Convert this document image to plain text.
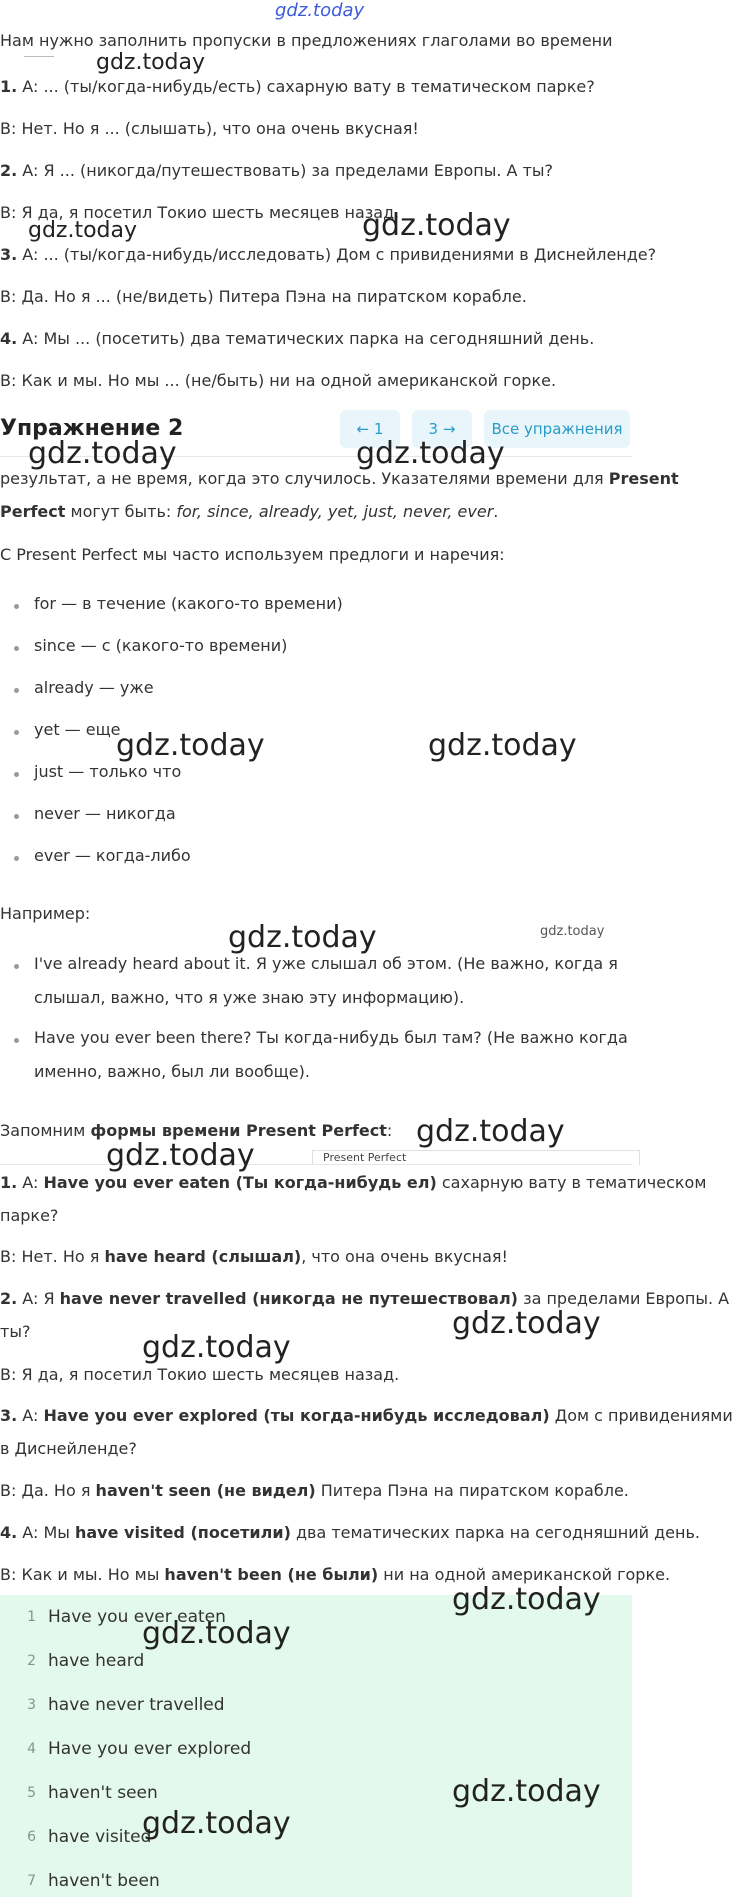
gdz.today
Нам нужно заполнить пропуски в предложениях глаголами во времени
1. A: ... (ты/когда-нибудь/есть) сахарную вату в тематическом парке?
B: Нет. Но я ... (слышать), что она очень вкусная!
2. A: Я ... (никогда/путешествовать) за пределами Европы. А ты?
B: Я да, я посетил Токио шесть месяцев назад.
3. A: ... (ты/когда-нибудь/исследовать) Дом с привидениями в Диснейленде?
B: Да. Но я ... (не/видеть) Питера Пэна на пиратском корабле.
4. A: Мы ... (посетить) два тематических парка на сегодняшний день.
B: Как и мы. Но мы ... (не/быть) ни на одной американской горке.
Упражнение 2	← 1	3 →	Все упражнения
результат, а не время, когда это случилось. Указателями времени для Present
Perfect могут быть: for, since, already, yet, just, never, ever.
С Present Perfect мы часто используем предлоги и наречия:
for — в течение (какого-то времени)
since — с (какого-то времени)
already — уже
yet — еще
just — только что
never — никогда
ever — когда-либо
Например:
I've already heard about it. Я уже слышал об этом. (Не важно, когда я
слышал, важно, что я уже знаю эту информацию).
Have you ever been there? Ты когда-нибудь был там? (Не важно когда
именно, важно, был ли вообще).
Запомним формы времени Present Perfect:
Present Perfect
1. A: Have you ever eaten (Ты когда-нибудь ел) сахарную вату в тематическом
парке?
B: Нет. Но я have heard (слышал), что она очень вкусная!
2. A: Я have never travelled (никогда не путешествовал) за пределами Европы. А
ты?
B: Я да, я посетил Токио шесть месяцев назад.
3. A: Have you ever explored (ты когда-нибудь исследовал) Дом с привидениями
в Диснейленде?
B: Да. Но я haven't seen (не видел) Питера Пэна на пиратском корабле.
4. A: Мы have visited (посетили) два тематических парка на сегодняшний день.
B: Как и мы. Но мы haven't been (не были) ни на одной американской горке.
1 Have you ever eaten
2 have heard
3 have never travelled
4 Have you ever explored
5 haven't seen
6 have visited
7 haven't been
gdz.today
gdz.today
gdz.today
gdz.today	gdz.today
gdz.today	gdz.today
gdz.today	gdz.today
gdz.today
gdz.today
gdz.today
gdz.today
gdz.today
gdz.today
gdz.today
gdz.today
